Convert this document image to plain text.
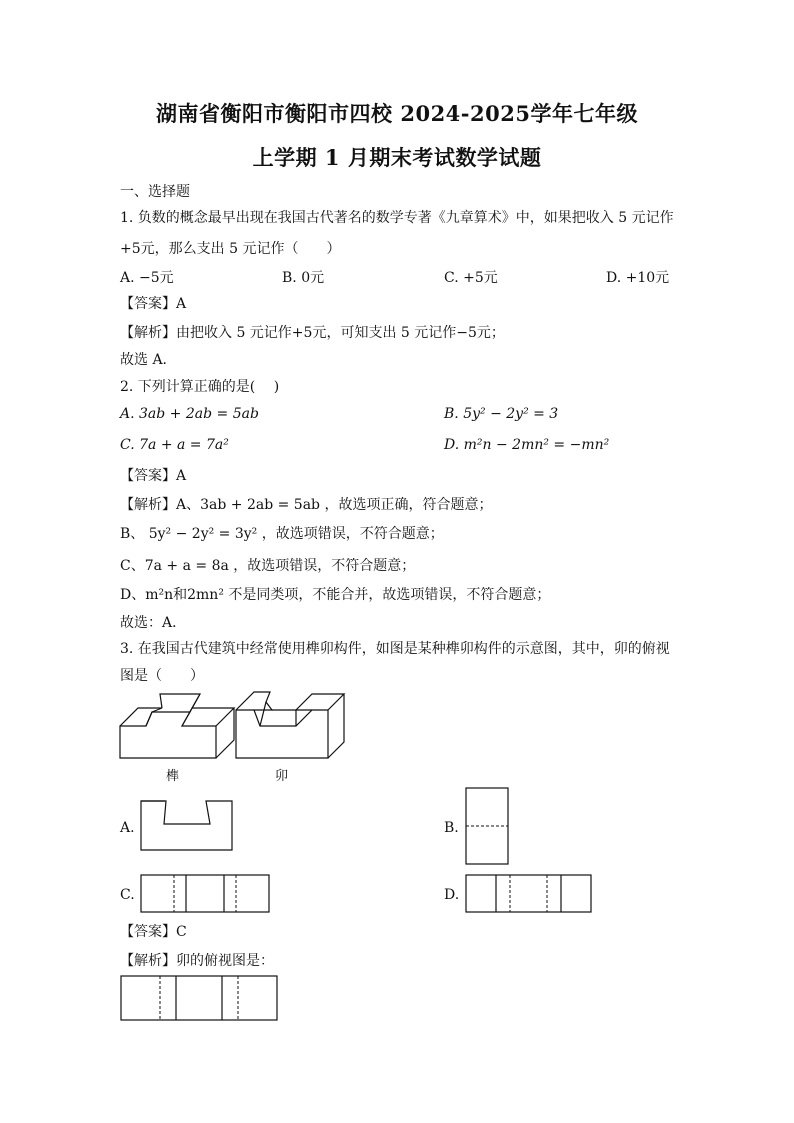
湖南省衡阳市衡阳市四校 2024-2025学年七年级
上学期 1 月期末考试数学试题
一、选择题
1. 负数的概念最早出现在我国古代著名的数学专著《九章算术》中，如果把收入 5 元记作
+5元，那么支出 5 元记作（　　）
A. −5元	B. 0元	C. +5元	D. +10元
【答案】A
【解析】由把收入 5 元记作+5元，可知支出 5 元记作−5元；
故选 A．
2. 下列计算正确的是(　 )
A. 3ab + 2ab = 5ab	B. 5y² − 2y² = 3
C. 7a + a = 7a²	D. m²n − 2mn² = −mn²
【答案】A
【解析】A、3ab + 2ab = 5ab ，故选项正确，符合题意；
B、 5y² − 2y² = 3y² ，故选项错误，不符合题意；
C、7a + a = 8a ，故选项错误，不符合题意；
D、m²n和2mn² 不是同类项，不能合并，故选项错误，不符合题意；
故选：A．
3. 在我国古代建筑中经常使用榫卯构件，如图是某种榫卯构件的示意图，其中，卯的俯视
图是（　　）
榫	卯
A.	B.
C.	D.
【答案】C
【解析】卯的俯视图是：
